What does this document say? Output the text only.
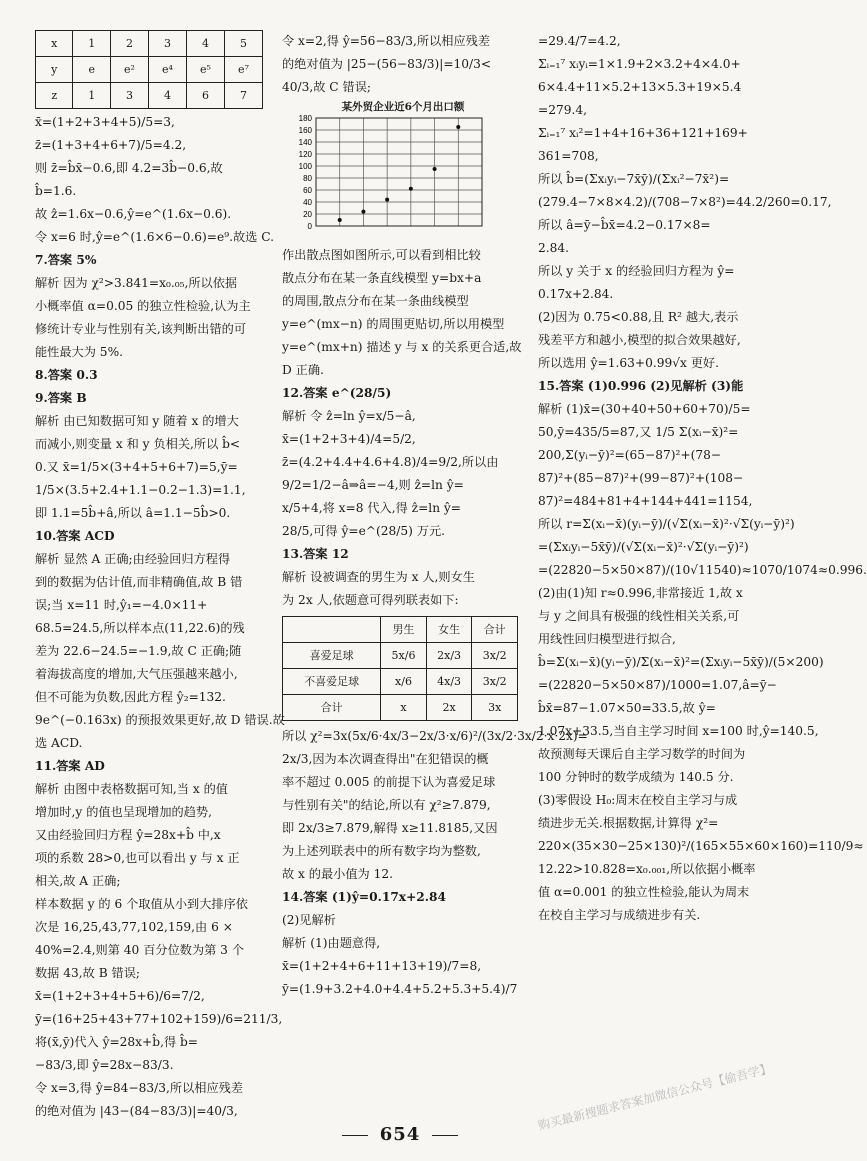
x	1	2	3	4	5
y	e	e²	e⁴	e⁵	e⁷
z	1	3	4	6	7
x̄=(1+2+3+4+5)/5=3,
z̄=(1+3+4+6+7)/5=4.2,
则 z̄=b̂x̄−0.6,即 4.2=3b̂−0.6,故
b̂=1.6.
故 ẑ=1.6x−0.6,ŷ=e^(1.6x−0.6).
令 x=6 时,ŷ=e^(1.6×6−0.6)=e⁹.故选 C.
7.答案 5%
解析 因为 χ²>3.841=x₀.₀₅,所以依据
小概率值 α=0.05 的独立性检验,认为主
修统计专业与性别有关,该判断出错的可
能性最大为 5%.
8.答案 0.3
9.答案 B
解析 由已知数据可知 y 随着 x 的增大
而减小,则变量 x 和 y 负相关,所以 b̂<
0.又 x̄=1/5×(3+4+5+6+7)=5,ȳ=
1/5×(3.5+2.4+1.1−0.2−1.3)=1.1,
即 1.1=5b̂+â,所以 â=1.1−5b̂>0.
10.答案 ACD
解析 显然 A 正确;由经验回归方程得
到的数据为估计值,而非精确值,故 B 错
误;当 x=11 时,ŷ₁=−4.0×11+
68.5=24.5,所以样本点(11,22.6)的残
差为 22.6−24.5=−1.9,故 C 正确;随
着海拔高度的增加,大气压强越来越小,
但不可能为负数,因此方程 ŷ₂=132.
9e^(−0.163x) 的预报效果更好,故 D 错误.故
选 ACD.
11.答案 AD
解析 由图中表格数据可知,当 x 的值
增加时,y 的值也呈现增加的趋势,
又由经验回归方程 ŷ=28x+b̂ 中,x
项的系数 28>0,也可以看出 y 与 x 正
相关,故 A 正确;
样本数据 y 的 6 个取值从小到大排序依
次是 16,25,43,77,102,159,由 6 ×
40%=2.4,则第 40 百分位数为第 3 个
数据 43,故 B 错误;
x̄=(1+2+3+4+5+6)/6=7/2,
ȳ=(16+25+43+77+102+159)/6=211/3,
将(x̄,ȳ)代入 ŷ=28x+b̂,得 b̂=
−83/3,即 ŷ=28x−83/3.
令 x=3,得 ŷ=84−83/3,所以相应残差
的绝对值为 |43−(84−83/3)|=40/3,
令 x=2,得 ŷ=56−83/3,所以相应残差
的绝对值为 |25−(56−83/3)|=10/3<
40/3,故 C 错误;
某外贸企业近6个月出口额
0
20
40
60
80
100
120
140
160
180
作出散点图如图所示,可以看到相比较
散点分布在某一条直线模型 y=bx+a
的周围,散点分布在某一条曲线模型
y=e^(mx−n) 的周围更贴切,所以用模型
y=e^(mx+n) 描述 y 与 x 的关系更合适,故
D 正确.
12.答案 e^(28/5)
解析 令 ẑ=ln ŷ=x/5−â,
x̄=(1+2+3+4)/4=5/2,
z̄=(4.2+4.4+4.6+4.8)/4=9/2,所以由
9/2=1/2−â⇒â=−4,则 ẑ=ln ŷ=
x/5+4,将 x=8 代入,得 ẑ=ln ŷ=
28/5,可得 ŷ=e^(28/5) 万元.
13.答案 12
解析 设被调查的男生为 x 人,则女生
为 2x 人,依题意可得列联表如下:
	男生	女生	合计
喜爱足球	5x/6	2x/3	3x/2
不喜爱足球	x/6	4x/3	3x/2
合计	x	2x	3x
所以 χ²=3x(5x/6·4x/3−2x/3·x/6)²/(3x/2·3x/2·x·2x)=
2x/3,因为本次调查得出"在犯错误的概
率不超过 0.005 的前提下认为喜爱足球
与性别有关"的结论,所以有 χ²≥7.879,
即 2x/3≥7.879,解得 x≥11.8185,又因
为上述列联表中的所有数字均为整数,
故 x 的最小值为 12.
14.答案 (1)ŷ=0.17x+2.84
(2)见解析
解析 (1)由题意得,
x̄=(1+2+4+6+11+13+19)/7=8,
ȳ=(1.9+3.2+4.0+4.4+5.2+5.3+5.4)/7
=29.4/7=4.2,
Σᵢ₌₁⁷ xᵢyᵢ=1×1.9+2×3.2+4×4.0+
6×4.4+11×5.2+13×5.3+19×5.4
=279.4,
Σᵢ₌₁⁷ xᵢ²=1+4+16+36+121+169+
361=708,
所以 b̂=(Σxᵢyᵢ−7x̄ȳ)/(Σxᵢ²−7x̄²)=
(279.4−7×8×4.2)/(708−7×8²)=44.2/260=0.17,
所以 â=ȳ−b̂x̄=4.2−0.17×8=
2.84.
所以 y 关于 x 的经验回归方程为 ŷ=
0.17x+2.84.
(2)因为 0.75<0.88,且 R² 越大,表示
残差平方和越小,模型的拟合效果越好,
所以选用 ŷ=1.63+0.99√x 更好.
15.答案 (1)0.996 (2)见解析 (3)能
解析 (1)x̄=(30+40+50+60+70)/5=
50,ȳ=435/5=87,又 1/5 Σ(xᵢ−x̄)²=
200,Σ(yᵢ−ȳ)²=(65−87)²+(78−
87)²+(85−87)²+(99−87)²+(108−
87)²=484+81+4+144+441=1154,
所以 r=Σ(xᵢ−x̄)(yᵢ−ȳ)/(√Σ(xᵢ−x̄)²·√Σ(yᵢ−ȳ)²)
=(Σxᵢyᵢ−5x̄ȳ)/(√Σ(xᵢ−x̄)²·√Σ(yᵢ−ȳ)²)
=(22820−5×50×87)/(10√11540)≈1070/1074≈0.996.
(2)由(1)知 r≈0.996,非常接近 1,故 x
与 y 之间具有极强的线性相关关系,可
用线性回归模型进行拟合,
b̂=Σ(xᵢ−x̄)(yᵢ−ȳ)/Σ(xᵢ−x̄)²=(Σxᵢyᵢ−5x̄ȳ)/(5×200)
=(22820−5×50×87)/1000=1.07,â=ȳ−
b̂x̄=87−1.07×50=33.5,故 ŷ=
1.07x+33.5,当自主学习时间 x=100 时,ŷ=140.5,
故预测每天课后自主学习数学的时间为
100 分钟时的数学成绩为 140.5 分.
(3)零假设 H₀:周末在校自主学习与成
绩进步无关.根据数据,计算得 χ²=
220×(35×30−25×130)²/(165×55×60×160)=110/9≈
12.22>10.828=x₀.₀₀₁,所以依据小概率
值 α=0.001 的独立性检验,能认为周末
在校自主学习与成绩进步有关.
654
购买最新搜题求答案加微信公众号【偷吾学】
